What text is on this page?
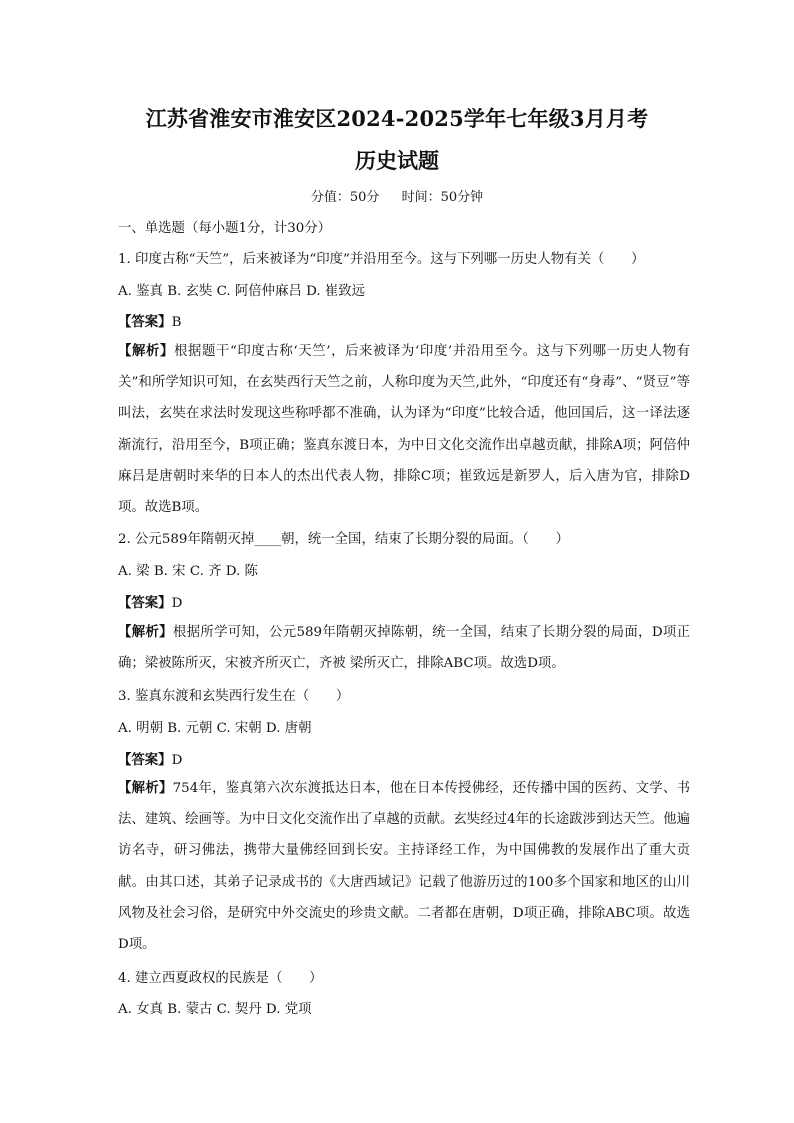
江苏省淮安市淮安区2024-2025学年七年级3月月考
历史试题
分值：50分 时间：50分钟
一、单选题（每小题1分，计30分）
1. 印度古称“天竺”，后来被译为“印度”并沿用至今。这与下列哪一历史人物有关（　　）
A. 鉴真 B. 玄奘 C. 阿倍仲麻吕 D. 崔致远
【答案】B
【解析】根据题干“印度古称‘天竺’，后来被译为‘印度’并沿用至今。这与下列哪一历史人物有关”和所学知识可知，在玄奘西行天竺之前，人称印度为天竺,此外，“印度还有“身毒”、“贤豆”等叫法，玄奘在求法时发现这些称呼都不准确，认为译为“印度”比较合适，他回国后，这一译法逐渐流行，沿用至今，B项正确；鉴真东渡日本，为中日文化交流作出卓越贡献，排除A项；阿倍仲麻吕是唐朝时来华的日本人的杰出代表人物，排除C项；崔致远是新罗人，后入唐为官，排除D项。故选B项。
2. 公元589年隋朝灭掉____朝，统一全国，结束了长期分裂的局面。（　　）
A. 梁 B. 宋 C. 齐 D. 陈
【答案】D
【解析】根据所学可知，公元589年隋朝灭掉陈朝，统一全国，结束了长期分裂的局面，D项正确；梁被陈所灭，宋被齐所灭亡，齐被 梁所灭亡，排除ABC项。故选D项。
3. 鉴真东渡和玄奘西行发生在（　　）
A. 明朝 B. 元朝 C. 宋朝 D. 唐朝
【答案】D
【解析】754年，鉴真第六次东渡抵达日本，他在日本传授佛经，还传播中国的医药、文学、书法、建筑、绘画等。为中日文化交流作出了卓越的贡献。玄奘经过4年的长途跋涉到达天竺。他遍访名寺，研习佛法，携带大量佛经回到长安。主持译经工作，为中国佛教的发展作出了重大贡献。由其口述，其弟子记录成书的《大唐西域记》记载了他游历过的100多个国家和地区的山川风物及社会习俗，是研究中外交流史的珍贵文献。二者都在唐朝，D项正确，排除ABC项。故选D项。
4. 建立西夏政权的民族是（　　）
A. 女真 B. 蒙古 C. 契丹 D. 党项
